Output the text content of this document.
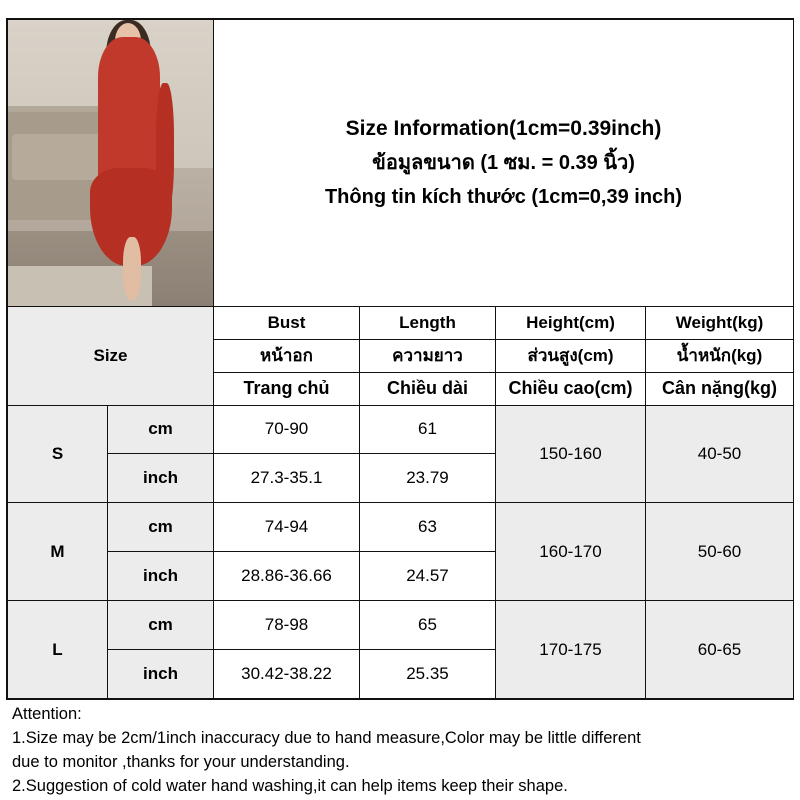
		Size Information(1cm=0.39inch)
ข้อมูลขนาด (1 ซม. = 0.39 นิ้ว)
Thông tin kích thước (1cm=0,39 inch)			

Size		Bust	Length	Height(cm)	Weight(kg)
		หน้าอก	ความยาว	ส่วนสูง(cm)	น้ำหนัก(kg)
		Trang chủ	Chiều dài	Chiều cao(cm)	Cân nặng(kg)
S	cm	70-90	61	150-160	40-50
	inch	27.3-35.1	23.79		
M	cm	74-94	63	160-170	50-60
	inch	28.86-36.66	24.57		
L	cm	78-98	65	170-175	60-65
	inch	30.42-38.22	25.35		

Attention:

1.Size may be 2cm/1inch inaccuracy due to hand measure,Color may be little different

due to monitor ,thanks for your understanding.

2.Suggestion of cold water hand washing,it can help items keep their shape.
